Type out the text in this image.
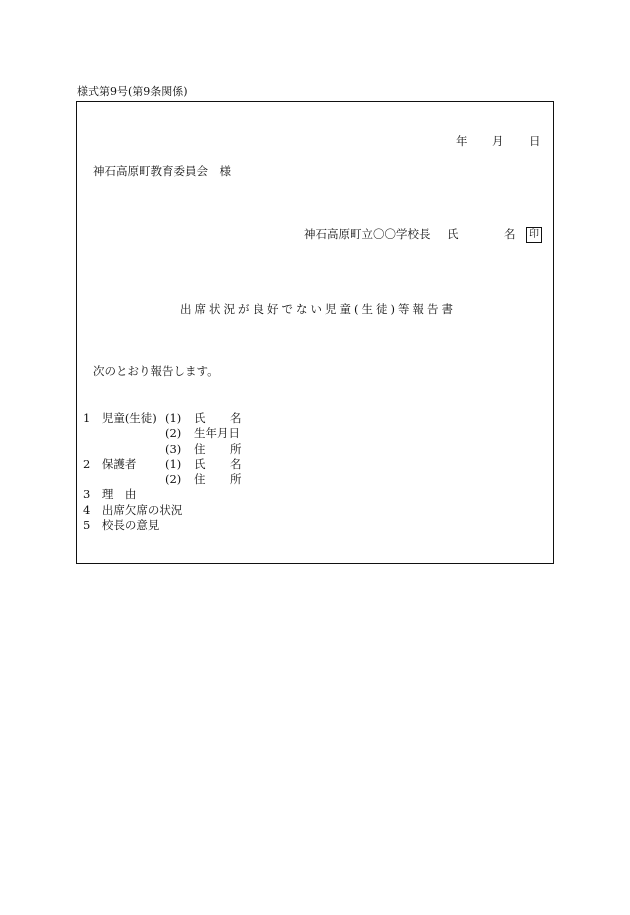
様式第9号(第9条関係)
年 月 日
神石高原町教育委員会　様
神石高原町立〇〇学校長 氏	名	印
出席状況が良好でない児童(生徒)等報告書
次のとおり報告します。
1　児童(生徒) (1) 氏 名
(2) 生年月日
(3) 住 所
2　保護者 (1) 氏 名
(2) 住 所
3　理　由
4　出席欠席の状況
5　校長の意見
